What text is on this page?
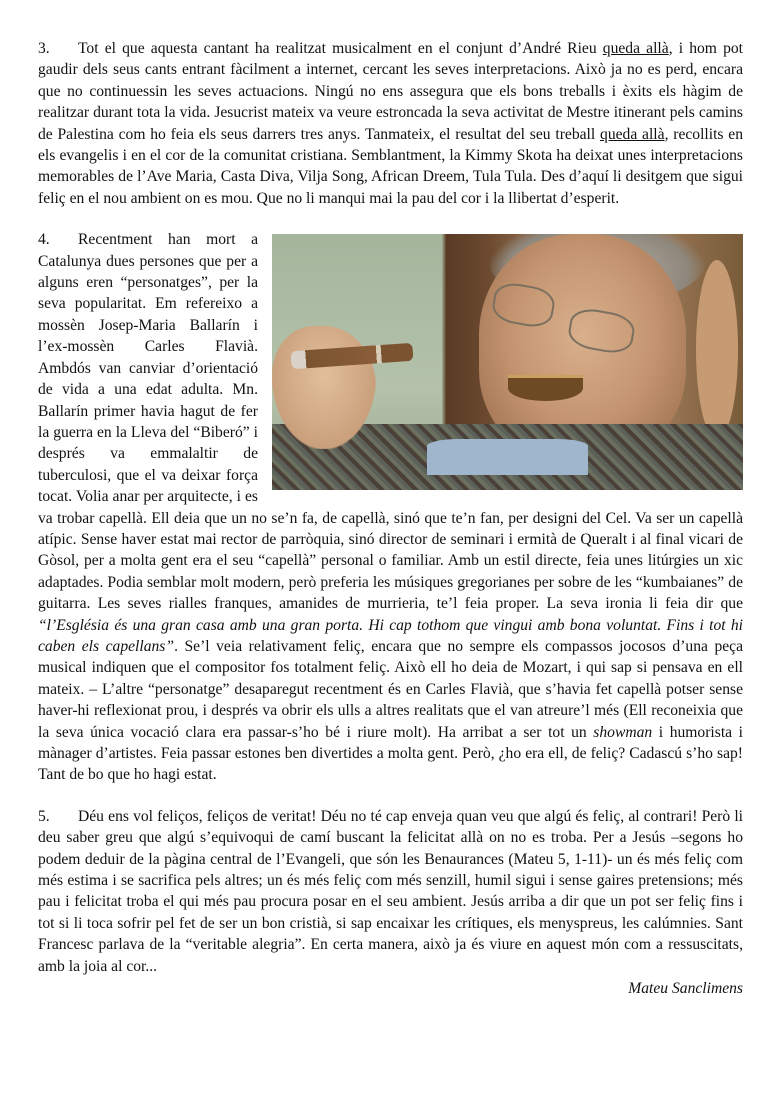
3. Tot el que aquesta cantant ha realitzat musicalment en el conjunt d’André Rieu queda allà, i hom pot gaudir dels seus cants entrant fàcilment a internet, cercant les seves interpretacions. Això ja no es perd, encara que no continuessin les seves actuacions. Ningú no ens assegura que els bons treballs i èxits els hàgim de realitzar durant tota la vida. Jesucrist mateix va veure estroncada la seva activitat de Mestre itinerant pels camins de Palestina com ho feia els seus darrers tres anys. Tanmateix, el resultat del seu treball queda allà, recollits en els evangelis i en el cor de la comunitat cristiana. Semblantment, la Kimmy Skota ha deixat unes interpretacions memorables de l’Ave Maria, Casta Diva, Vilja Song, African Dreem, Tula Tula. Des d’aquí li desitgem que sigui feliç en el nou ambient on es mou. Que no li manqui mai la pau del cor i la llibertat d’esperit.

4. Recentment han mort a Catalunya dues persones que per a alguns eren “personatges”, per la seva popularitat. Em refereixo a mossèn Josep-Maria Ballarín i l’ex-mossèn Carles Flavià. Ambdós van canviar d’orientació de vida a una edat adulta. Mn. Ballarín primer havia hagut de fer la guerra en la Lleva del “Biberó” i després va emmalaltir de tuberculosi, que el va deixar força tocat. Volia anar per arquitecte, i es va trobar capellà. Ell deia que un no se’n fa, de capellà, sinó que te’n fan, per designi del Cel. Va ser un capellà atípic. Sense haver estat mai rector de parròquia, sinó director de seminari i ermità de Queralt i al final vicari de Gòsol, per a molta gent era el seu “capellà” personal o familiar. Amb un estil directe, feia unes litúrgies un xic adaptades. Podia semblar molt modern, però preferia les músiques gregorianes per sobre de les “kumbaianes” de guitarra. Les seves rialles franques, amanides de murrieria, te’l feia proper. La seva ironia li feia dir que “l’Església és una gran casa amb una gran porta. Hi cap tothom que vingui amb bona voluntat. Fins i tot hi caben els capellans”. Se’l veia relativament feliç, encara que no sempre els compassos jocosos d’una peça musical indiquen que el compositor fos totalment feliç. Això ell ho deia de Mozart, i qui sap si pensava en ell mateix. – L’altre “personatge” desaparegut recentment és en Carles Flavià, que s’havia fet capellà potser sense haver-hi reflexionat prou, i després va obrir els ulls a altres realitats que el van atreure’l més (Ell reconeixia que la seva única vocació clara era passar-s’ho bé i riure molt). Ha arribat a ser tot un showman i humorista i mànager d’artistes. Feia passar estones ben divertides a molta gent. Però, ¿ho era ell, de feliç? Cadascú s’ho sap! Tant de bo que ho hagi estat.

5. Déu ens vol feliços, feliços de veritat! Déu no té cap enveja quan veu que algú és feliç, al contrari! Però li deu saber greu que algú s’equivoqui de camí buscant la felicitat allà on no es troba. Per a Jesús –segons ho podem deduir de la pàgina central de l’Evangeli, que són les Benaurances (Mateu 5, 1-11)- un és més feliç com més estima i se sacrifica pels altres; un és més feliç com més senzill, humil sigui i sense gaires pretensions; més pau i felicitat troba el qui més pau procura posar en el seu ambient. Jesús arriba a dir que un pot ser feliç fins i tot si li toca sofrir pel fet de ser un bon cristià, si sap encaixar les crítiques, els menyspreus, les calúmnies. Sant Francesc parlava de la “veritable alegria”. En certa manera, això ja és viure en aquest món com a ressuscitats, amb la joia al cor...

Mateu Sanclimens
